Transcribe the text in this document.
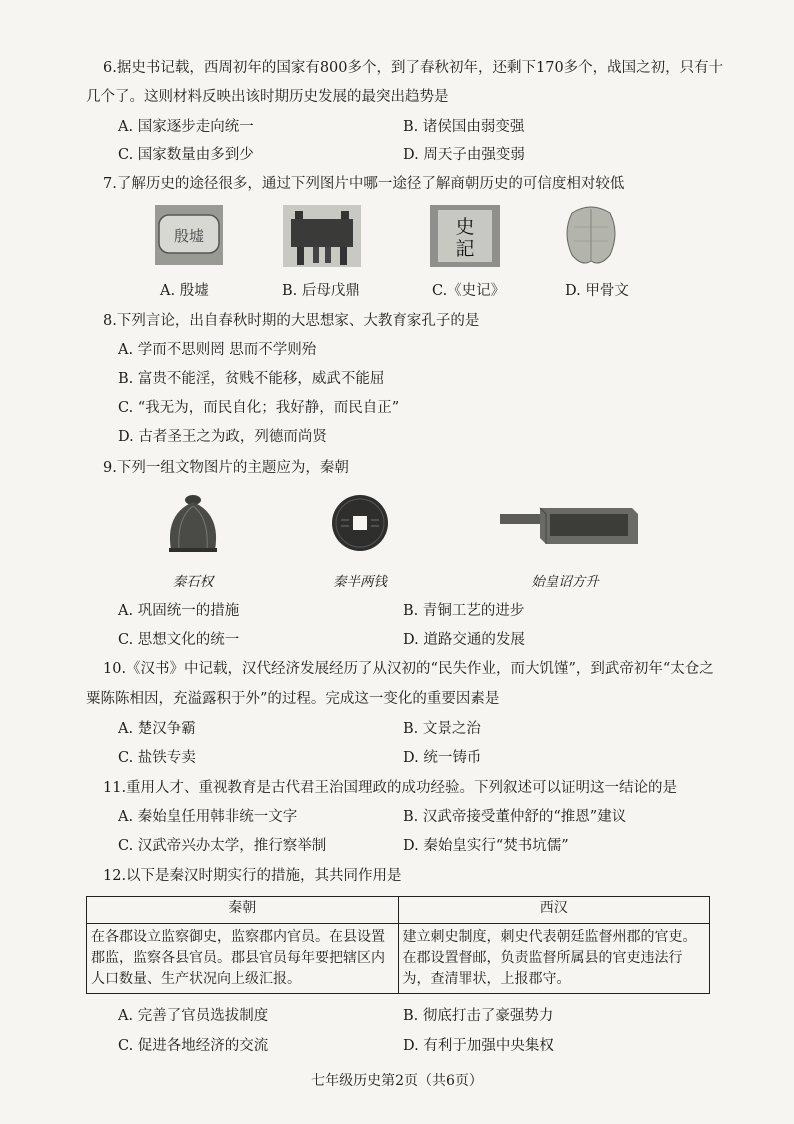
6.据史书记载，西周初年的国家有800多个，到了春秋初年，还剩下170多个，战国之初，只有十
几个了。这则材料反映出该时期历史发展的最突出趋势是
A. 国家逐步走向统一	B. 诸侯国由弱变强
C. 国家数量由多到少	D. 周天子由强变弱
7.了解历史的途径很多，通过下列图片中哪一途径了解商朝历史的可信度相对较低
殷墟	史
記
A. 殷墟	B. 后母戊鼎	C.《史记》	D. 甲骨文
8.下列言论，出自春秋时期的大思想家、大教育家孔子的是
A. 学而不思则罔 思而不学则殆
B. 富贵不能淫，贫贱不能移，威武不能屈
C. “我无为，而民自化；我好静，而民自正”
D. 古者圣王之为政，列德而尚贤
9.下列一组文物图片的主题应为，秦朝
秦石权	秦半两钱	始皇诏方升
A. 巩固统一的措施	B. 青铜工艺的进步
C. 思想文化的统一	D. 道路交通的发展
10.《汉书》中记载，汉代经济发展经历了从汉初的“民失作业，而大饥馑”，到武帝初年“太仓之
粟陈陈相因，充溢露积于外”的过程。完成这一变化的重要因素是
A. 楚汉争霸	B. 文景之治
C. 盐铁专卖	D. 统一铸币
11.重用人才、重视教育是古代君王治国理政的成功经验。下列叙述可以证明这一结论的是
A. 秦始皇任用韩非统一文字	B. 汉武帝接受董仲舒的“推恩”建议
C. 汉武帝兴办太学，推行察举制	D. 秦始皇实行“焚书坑儒”
12.以下是秦汉时期实行的措施，其共同作用是
秦朝	西汉
在各郡设立监察御史，监察郡内官员。在县设置郡监，监察各县官员。郡县官员每年要把辖区内人口数量、生产状况向上级汇报。	建立刺史制度，刺史代表朝廷监督州郡的官吏。在郡设置督邮，负责监督所属县的官吏违法行为，查清罪状，上报郡守。
A. 完善了官员选拔制度	B. 彻底打击了豪强势力
C. 促进各地经济的交流	D. 有利于加强中央集权
七年级历史第2页（共6页）
